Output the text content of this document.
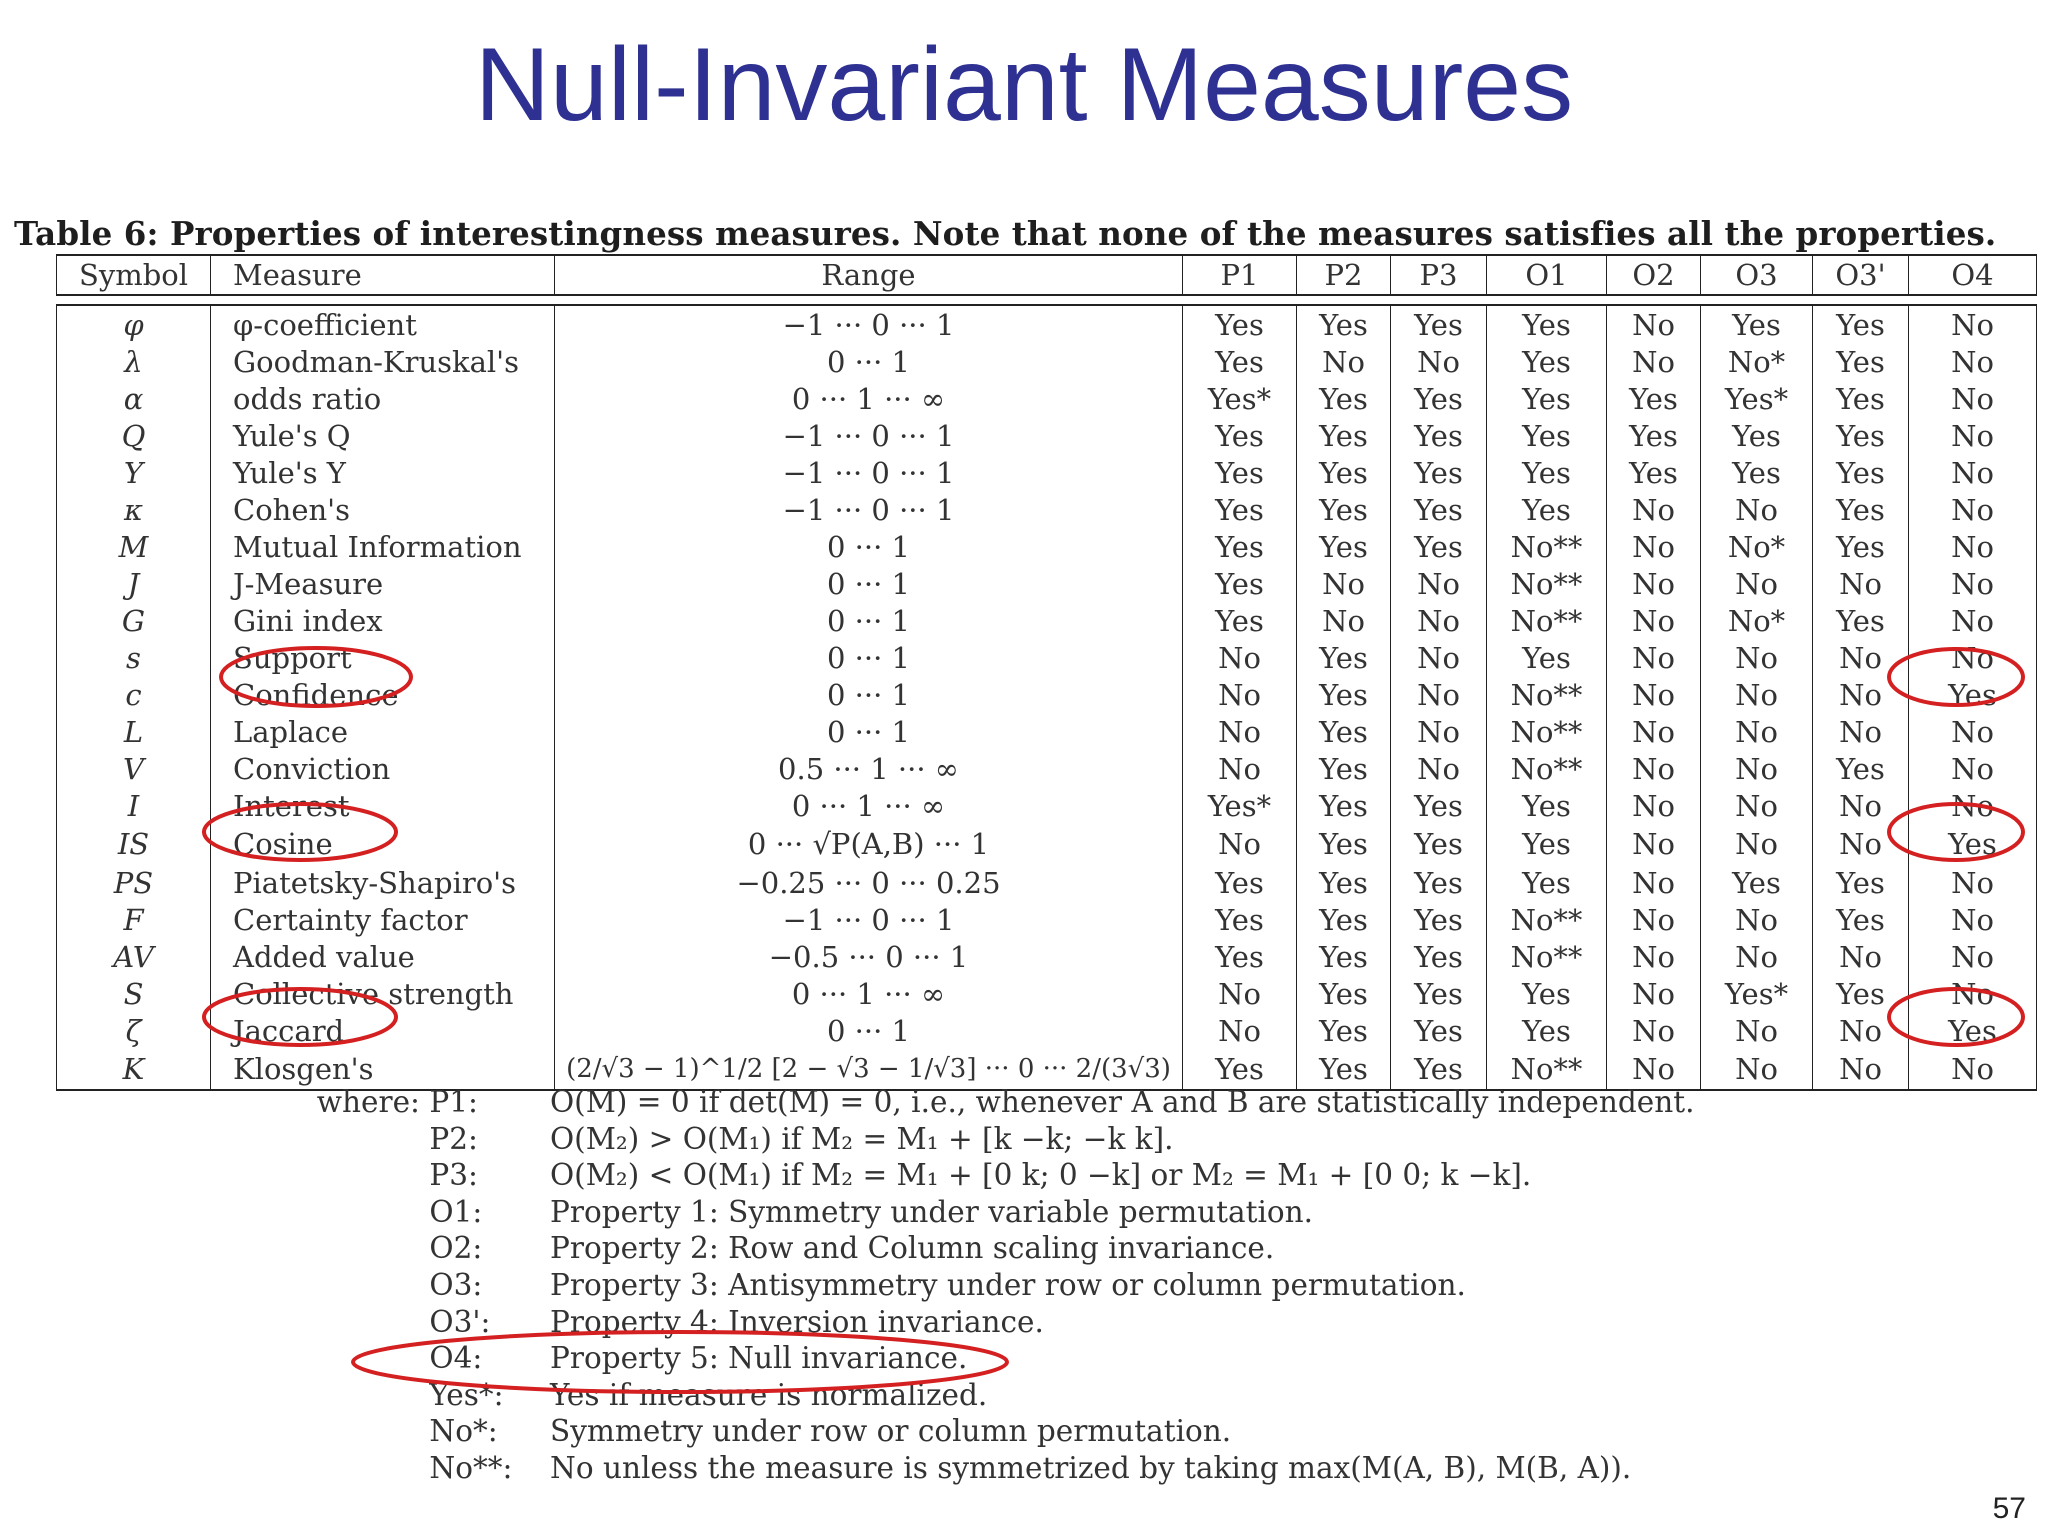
Null-Invariant Measures
Table 6: Properties of interestingness measures. Note that none of the measures satisfies all the properties.
Symbol	Measure	Range	P1	P2	P3	O1	O2	O3	O3'	O4

φ	φ-coefficient	−1 ··· 0 ··· 1	Yes	Yes	Yes	Yes	No	Yes	Yes	No
λ	Goodman-Kruskal's	0 ··· 1	Yes	No	No	Yes	No	No*	Yes	No
α	odds ratio	0 ··· 1 ··· ∞	Yes*	Yes	Yes	Yes	Yes	Yes*	Yes	No
Q	Yule's Q	−1 ··· 0 ··· 1	Yes	Yes	Yes	Yes	Yes	Yes	Yes	No
Y	Yule's Y	−1 ··· 0 ··· 1	Yes	Yes	Yes	Yes	Yes	Yes	Yes	No
κ	Cohen's	−1 ··· 0 ··· 1	Yes	Yes	Yes	Yes	No	No	Yes	No
M	Mutual Information	0 ··· 1	Yes	Yes	Yes	No**	No	No*	Yes	No
J	J-Measure	0 ··· 1	Yes	No	No	No**	No	No	No	No
G	Gini index	0 ··· 1	Yes	No	No	No**	No	No*	Yes	No
s	Support	0 ··· 1	No	Yes	No	Yes	No	No	No	No
c	Confidence	0 ··· 1	No	Yes	No	No**	No	No	No	Yes
L	Laplace	0 ··· 1	No	Yes	No	No**	No	No	No	No
V	Conviction	0.5 ··· 1 ··· ∞	No	Yes	No	No**	No	No	Yes	No
I	Interest	0 ··· 1 ··· ∞	Yes*	Yes	Yes	Yes	No	No	No	No
IS	Cosine	0 ··· √P(A,B) ··· 1	No	Yes	Yes	Yes	No	No	No	Yes
PS	Piatetsky-Shapiro's	−0.25 ··· 0 ··· 0.25	Yes	Yes	Yes	Yes	No	Yes	Yes	No
F	Certainty factor	−1 ··· 0 ··· 1	Yes	Yes	Yes	No**	No	No	Yes	No
AV	Added value	−0.5 ··· 0 ··· 1	Yes	Yes	Yes	No**	No	No	No	No
S	Collective strength	0 ··· 1 ··· ∞	No	Yes	Yes	Yes	No	Yes*	Yes	No
ζ	Jaccard	0 ··· 1	No	Yes	Yes	Yes	No	No	No	Yes
K	Klosgen's	(2/√3 − 1)^1/2 [2 − √3 − 1/√3] ··· 0 ··· 2/(3√3)	Yes	Yes	Yes	No**	No	No	No	No
where: P1:	O(M) = 0 if det(M) = 0, i.e., whenever A and B are statistically independent.
P2:	O(M₂) > O(M₁) if M₂ = M₁ + [k −k; −k k].
P3:	O(M₂) < O(M₁) if M₂ = M₁ + [0 k; 0 −k] or M₂ = M₁ + [0 0; k −k].
O1:	Property 1: Symmetry under variable permutation.
O2:	Property 2: Row and Column scaling invariance.
O3:	Property 3: Antisymmetry under row or column permutation.
O3':	Property 4: Inversion invariance.
O4:	Property 5: Null invariance.
Yes*:	Yes if measure is normalized.
No*:	Symmetry under row or column permutation.
No**:	No unless the measure is symmetrized by taking max(M(A, B), M(B, A)).
57
